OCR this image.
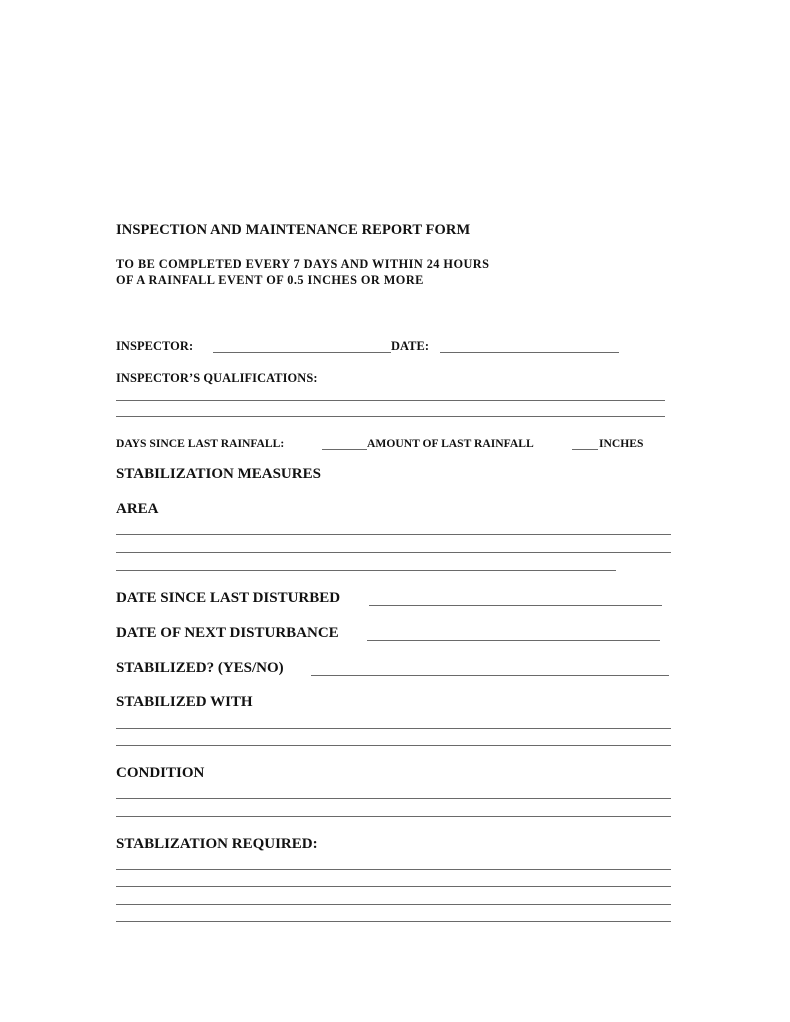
INSPECTION AND MAINTENANCE REPORT FORM
TO BE COMPLETED EVERY 7 DAYS AND WITHIN 24 HOURS
OF A RAINFALL EVENT OF 0.5 INCHES OR MORE
INSPECTOR:	DATE:
INSPECTOR’S QUALIFICATIONS:
DAYS SINCE LAST RAINFALL:	AMOUNT OF LAST RAINFALL	INCHES
STABILIZATION MEASURES
AREA
DATE SINCE LAST DISTURBED
DATE OF NEXT DISTURBANCE
STABILIZED? (YES/NO)
STABILIZED WITH
CONDITION
STABLIZATION REQUIRED:
